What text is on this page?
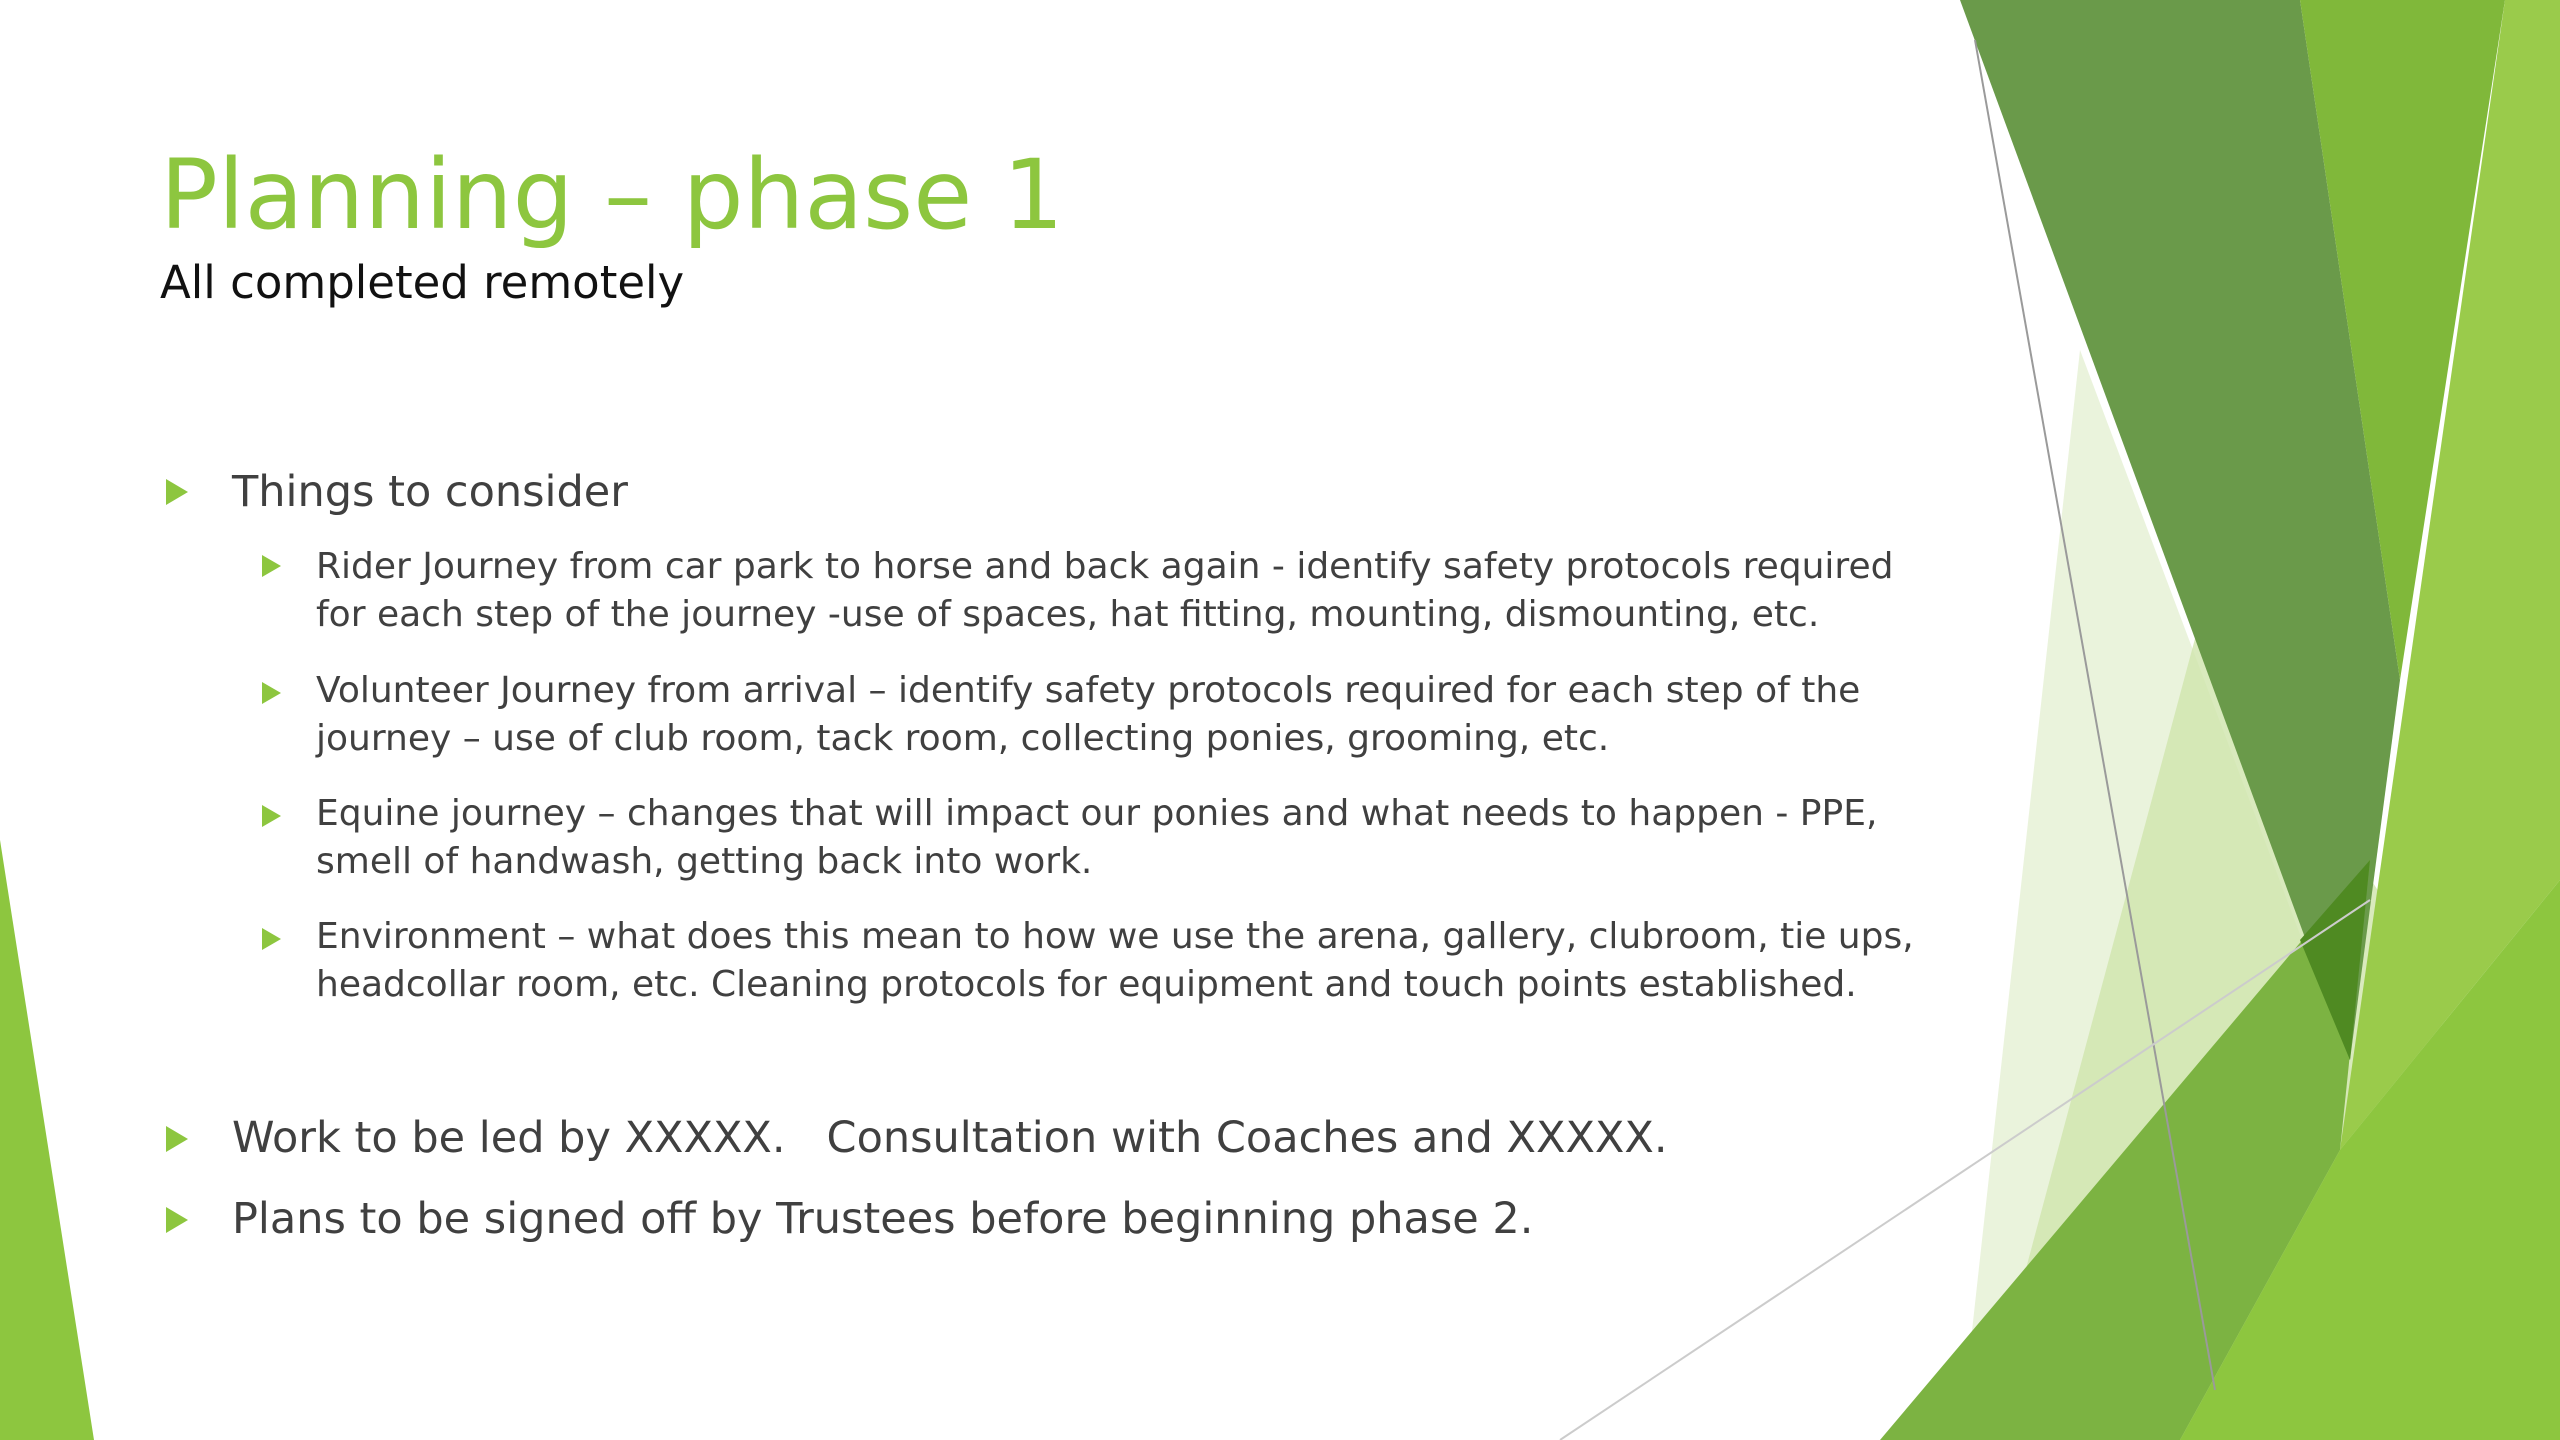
Planning – phase 1
All completed remotely
Things to consider
Rider Journey from car park to horse and back again - identify safety protocols required for each step of the journey -use of spaces, hat fitting, mounting, dismounting, etc.
Volunteer Journey from arrival – identify safety protocols required for each step of the journey – use of club room, tack room, collecting ponies, grooming, etc.
Equine journey – changes that will impact our ponies and what needs to happen - PPE, smell of handwash, getting back into work.
Environment – what does this mean to how we use the arena, gallery, clubroom, tie ups, headcollar room, etc. Cleaning protocols for equipment and touch points established.
Work to be led by XXXXX.   Consultation with Coaches and XXXXX.
Plans to be signed off by Trustees before beginning phase 2.
